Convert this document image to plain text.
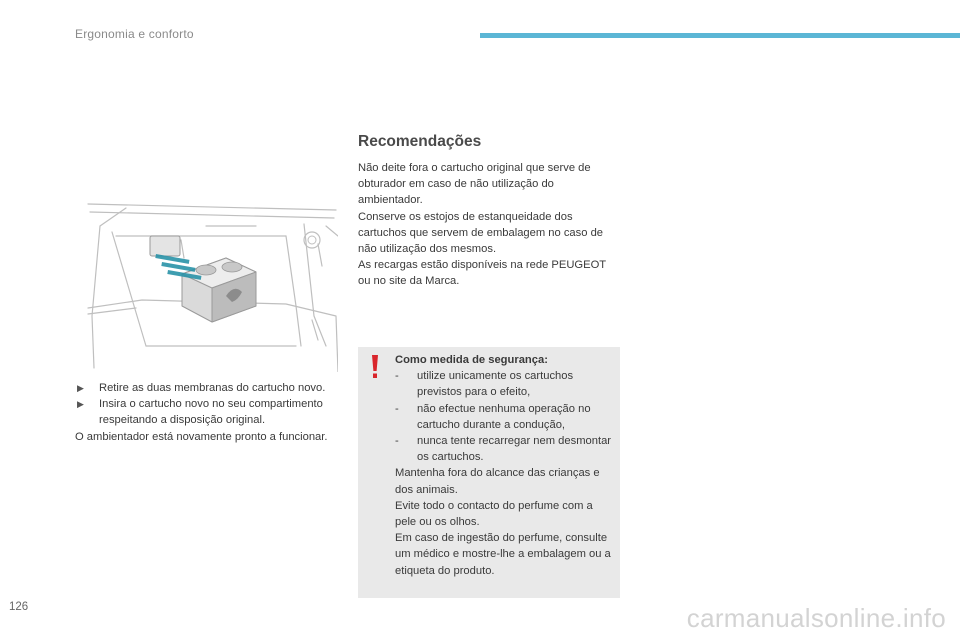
Ergonomia e conforto
▶ Retire as duas membranas do cartucho novo.
▶ Insira o cartucho novo no seu compartimento respeitando a disposição original.

O ambientador está novamente pronto a funcionar.

Recomendações

Não deite fora o cartucho original que serve de obturador em caso de não utilização do ambientador.

Conserve os estojos de estanqueidade dos cartuchos que servem de embalagem no caso de não utilização dos mesmos.

As recargas estão disponíveis na rede PEUGEOT ou no site da Marca.

Como medida de segurança:

- utilize unicamente os cartuchos previstos para o efeito,
- não efectue nenhuma operação no cartucho durante a condução,
- nunca tente recarregar nem desmontar os cartuchos.

Mantenha fora do alcance das crianças e dos animais.

Evite todo o contacto do perfume com a pele ou os olhos.

Em caso de ingestão do perfume, consulte um médico e mostre-lhe a embalagem ou a etiqueta do produto.

126	carmanualsonline.info
